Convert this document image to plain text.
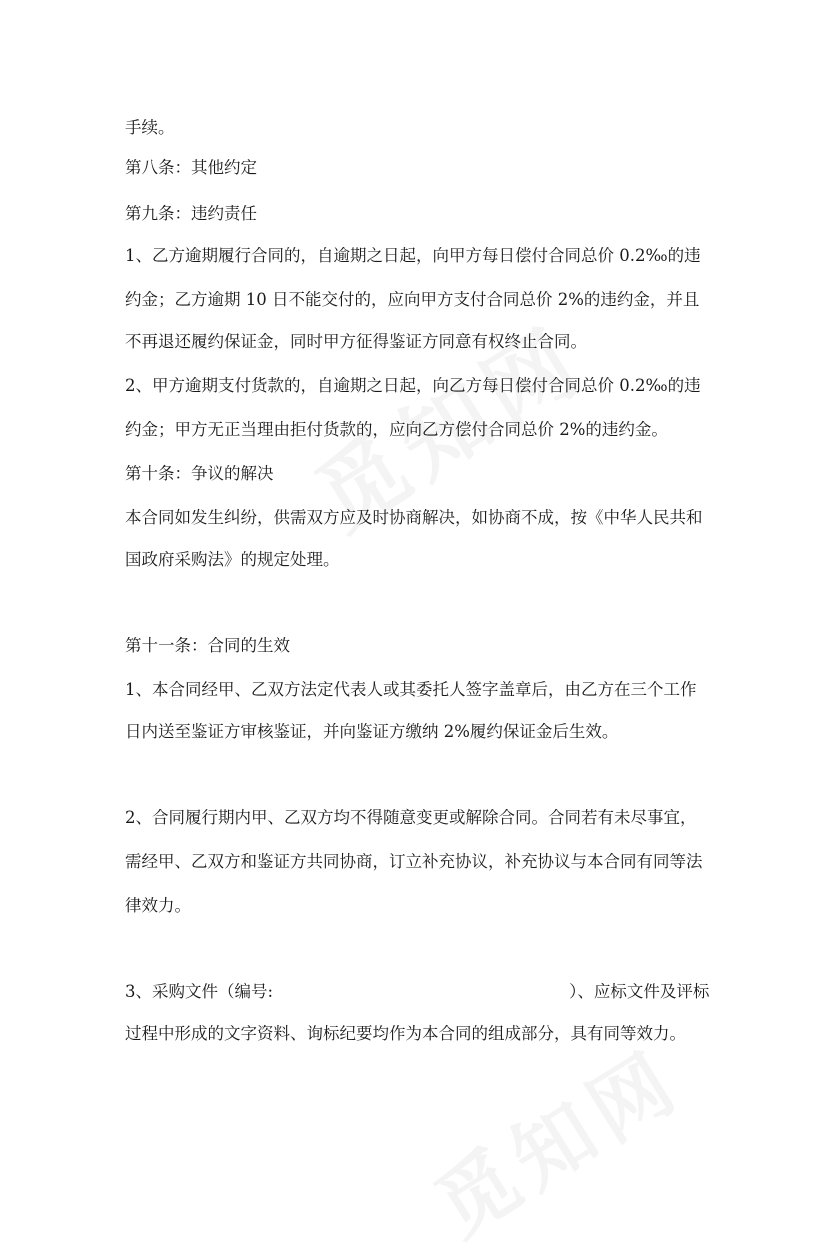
手续。
第八条：其他约定
第九条：违约责任
1、乙方逾期履行合同的，自逾期之日起，向甲方每日偿付合同总价 0.2‰的违
约金；乙方逾期 10 日不能交付的，应向甲方支付合同总价 2%的违约金，并且
不再退还履约保证金，同时甲方征得鉴证方同意有权终止合同。
2、甲方逾期支付货款的，自逾期之日起，向乙方每日偿付合同总价 0.2‰的违
约金；甲方无正当理由拒付货款的，应向乙方偿付合同总价 2%的违约金。
第十条：争议的解决
本合同如发生纠纷，供需双方应及时协商解决，如协商不成，按《中华人民共和
国政府采购法》的规定处理。
第十一条：合同的生效
1、本合同经甲、乙双方法定代表人或其委托人签字盖章后，由乙方在三个工作
日内送至鉴证方审核鉴证，并向鉴证方缴纳 2%履约保证金后生效。
2、合同履行期内甲、乙双方均不得随意变更或解除合同。合同若有未尽事宜，
需经甲、乙双方和鉴证方共同协商，订立补充协议，补充协议与本合同有同等法
律效力。
3、采购文件（编号:	）、应标文件及评标
过程中形成的文字资料、询标纪要均作为本合同的组成部分，具有同等效力。
